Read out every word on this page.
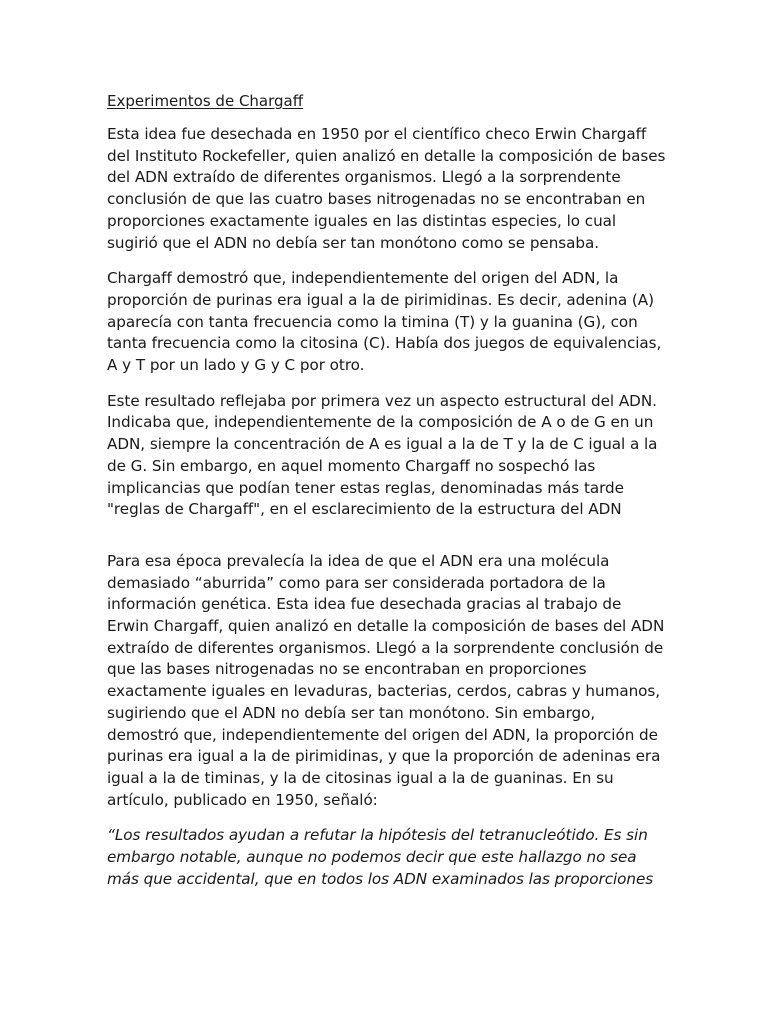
Experimentos de Chargaff

Esta idea fue desechada en 1950 por el científico checo Erwin Chargaff del Instituto Rockefeller, quien analizó en detalle la composición de bases del ADN extraído de diferentes organismos. Llegó a la sorprendente conclusión de que las cuatro bases nitrogenadas no se encontraban en proporciones exactamente iguales en las distintas especies, lo cual sugirió que el ADN no debía ser tan monótono como se pensaba.

Chargaff demostró que, independientemente del origen del ADN, la proporción de purinas era igual a la de pirimidinas. Es decir, adenina (A) aparecía con tanta frecuencia como la timina (T) y la guanina (G), con tanta frecuencia como la citosina (C). Había dos juegos de equivalencias, A y T por un lado y G y C por otro.

Este resultado reflejaba por primera vez un aspecto estructural del ADN. Indicaba que, independientemente de la composición de A o de G en un ADN, siempre la concentración de A es igual a la de T y la de C igual a la de G. Sin embargo, en aquel momento Chargaff no sospechó las implicancias que podían tener estas reglas, denominadas más tarde "reglas de Chargaff", en el esclarecimiento de la estructura del ADN

Para esa época prevalecía la idea de que el ADN era una molécula demasiado “aburrida” como para ser considerada portadora de la información genética. Esta idea fue desechada gracias al trabajo de Erwin Chargaff, quien analizó en detalle la composición de bases del ADN extraído de diferentes organismos. Llegó a la sorprendente conclusión de que las bases nitrogenadas no se encontraban en proporciones exactamente iguales en levaduras, bacterias, cerdos, cabras y humanos, sugiriendo que el ADN no debía ser tan monótono. Sin embargo, demostró que, independientemente del origen del ADN, la proporción de purinas era igual a la de pirimidinas, y que la proporción de adeninas era igual a la de timinas, y la de citosinas igual a la de guaninas. En su artículo, publicado en 1950, señaló:

“Los resultados ayudan a refutar la hipótesis del tetranucleótido. Es sin embargo notable, aunque no podemos decir que este hallazgo no sea más que accidental, que en todos los ADN examinados las proporciones
